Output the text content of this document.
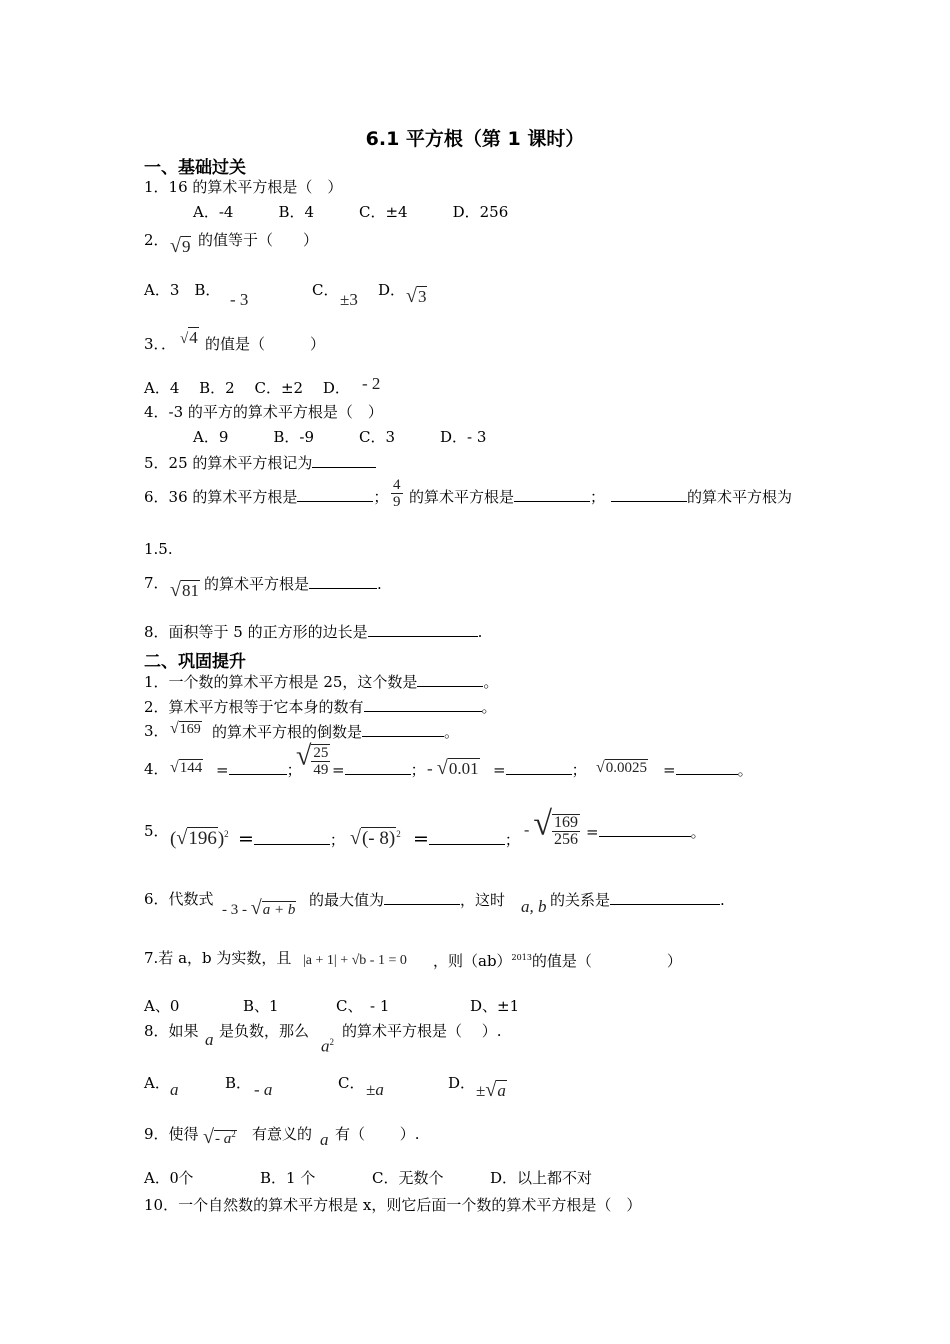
6.1 平方根（第 1 课时）
一、基础过关
1．16 的算术平方根是（　）
A．-4　　　B．4　　　C．±4　　　D．256
2． √9 的值等于（　　）
A．3　B． - 3	C． ±3 D． √3
3．． √4 的值是（　　　）
A．4　 B．2　 C．±2　 D． - 2
4．-3 的平方的算术平方根是（　）
A．9　　　B．-9　　　C．3　　　D．- 3
5．25 的算术平方根记为
6．36 的算术平方根是	； $\frac{4}{9}$ 的算术平方根是	；	的算术平方根为
1.5.
7． √81 的算术平方根是	.
8．面积等于 5 的正方形的边长是	.
二、巩固提升
1．一个数的算术平方根是 25，这个数是	。
2．算术平方根等于它本身的数有	。
3． √169 的算术平方根的倒数是	。
4． √144 =	；
√ $\frac{25}{49}$ =	； - √0.01 =	； √0.0025 =	。
5． $(√196)^2$ =	； √(- 8)$^2$ =	；
- √ $\frac{169}{256}$ =	。
6．代数式
- 3 - √a + b
的最大值为	，这时 a, b 的关系是	.
7.若 a，b 为实数，且 |a + 1| + √b - 1 = 0 ，则（ab）$^{2013}$的值是（　　　　　）
A、0	B、1	C、　- 1	D、±1
8．如果 a 是负数，那么
$a^2$
的算术平方根是（　 ）.
A． a	B． - a	C． ±a	D． ±√a
9．使得 √- $a^2$ 有意义的 a 有（　　 ）.
A．0个	B．1 个	C．无数个	D．以上都不对
10．一个自然数的算术平方根是 x，则它后面一个数的算术平方根是（　）
